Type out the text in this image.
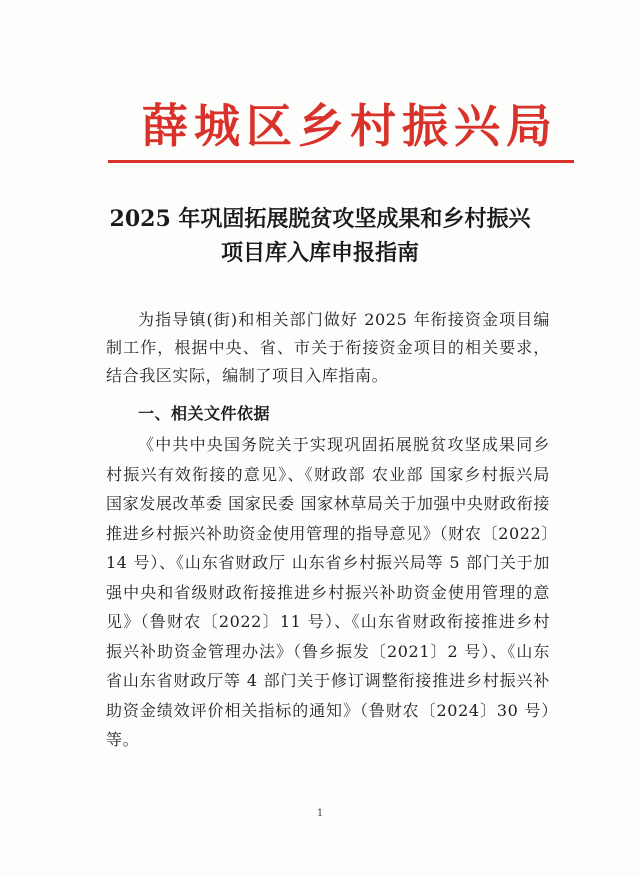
薛城区乡村振兴局
2025 年巩固拓展脱贫攻坚成果和乡村振兴
项目库入库申报指南
为指导镇(街)和相关部门做好 2025 年衔接资金项目编制工作，根据中央、省、市关于衔接资金项目的相关要求，结合我区实际，编制了项目入库指南。
一、相关文件依据
《中共中央国务院关于实现巩固拓展脱贫攻坚成果同乡村振兴有效衔接的意见》、《财政部 农业部 国家乡村振兴局 国家发展改革委 国家民委 国家林草局关于加强中央财政衔接推进乡村振兴补助资金使用管理的指导意见》（财农〔2022〕14 号）、《山东省财政厅 山东省乡村振兴局等 5 部门关于加强中央和省级财政衔接推进乡村振兴补助资金使用管理的意见》（鲁财农〔2022〕11 号）、《山东省财政衔接推进乡村振兴补助资金管理办法》（鲁乡振发〔2021〕2 号）、《山东省山东省财政厅等 4 部门关于修订调整衔接推进乡村振兴补助资金绩效评价相关指标的通知》（鲁财农〔2024〕30 号）等。
1
